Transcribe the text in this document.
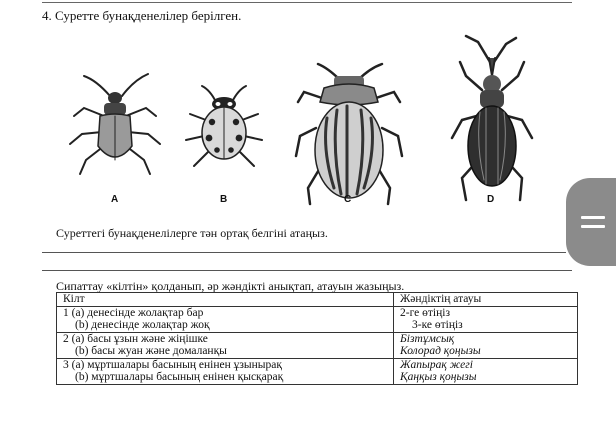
4. Суретте бунақденелілер берілген.
A	B	C	D
Суреттегі бунақденелілерге тән ортақ белгіні атаңыз.
Сипаттау «кілтін» қолданып, әр жәндікті анықтап, атауын жазыңыз.
Кілт	Жәндіктің атауы
1 (a) денесінде жолақтар бар	2-ге өтіңіз
(b) денесінде жолақтар жоқ	3-ке өтіңіз
2 (a) басы ұзын және жіңішке	Бізтұмсық
(b) басы жуан және домаланқы	Колорад қоңызы
3 (a) мұртшалары басының енінен ұзынырақ	Жапырақ жегі
(b) мұртшалары басының енінен қысқарақ	Қаңқыз қоңызы
